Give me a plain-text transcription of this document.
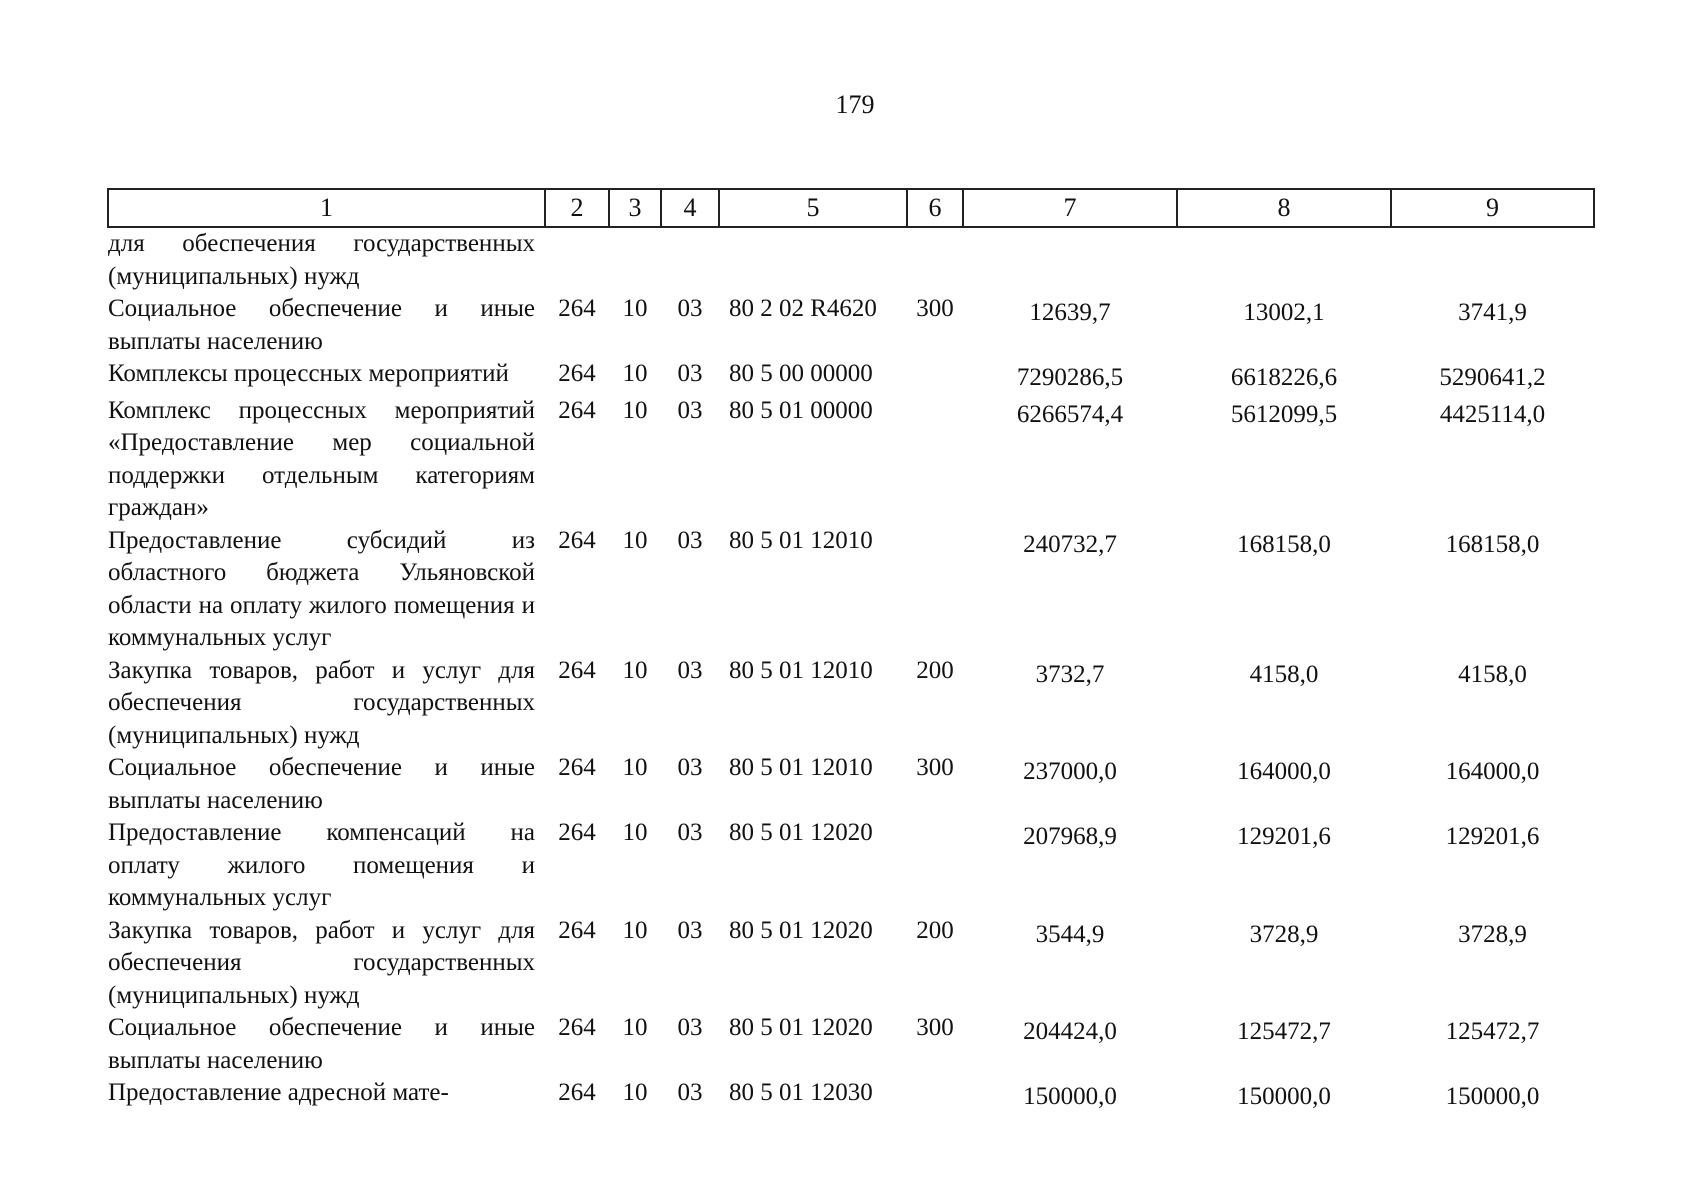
179
1	2	3	4	5	6	7	8	9
для обеспечения государственных (муниципальных) нужд								
Социальное обеспечение и иные выплаты населению	264	10	03	80 2 02 R4620	300	12639,7	13002,1	3741,9
Комплексы процессных мероприятий	264	10	03	80 5 00 00000		7290286,5	6618226,6	5290641,2
Комплекс процессных мероприятий «Предоставление мер социальной поддержки отдельным категориям граждан»	264	10	03	80 5 01 00000		6266574,4	5612099,5	4425114,0
Предоставление субсидий из областного бюджета Ульяновской области на оплату жилого помещения и коммунальных услуг	264	10	03	80 5 01 12010		240732,7	168158,0	168158,0
Закупка товаров, работ и услуг для обеспечения государственных (муниципальных) нужд	264	10	03	80 5 01 12010	200	3732,7	4158,0	4158,0
Социальное обеспечение и иные выплаты населению	264	10	03	80 5 01 12010	300	237000,0	164000,0	164000,0
Предоставление компенсаций на оплату жилого помещения и коммунальных услуг	264	10	03	80 5 01 12020		207968,9	129201,6	129201,6
Закупка товаров, работ и услуг для обеспечения государственных (муниципальных) нужд	264	10	03	80 5 01 12020	200	3544,9	3728,9	3728,9
Социальное обеспечение и иные выплаты населению	264	10	03	80 5 01 12020	300	204424,0	125472,7	125472,7
Предоставление адресной мате-	264	10	03	80 5 01 12030		150000,0	150000,0	150000,0
